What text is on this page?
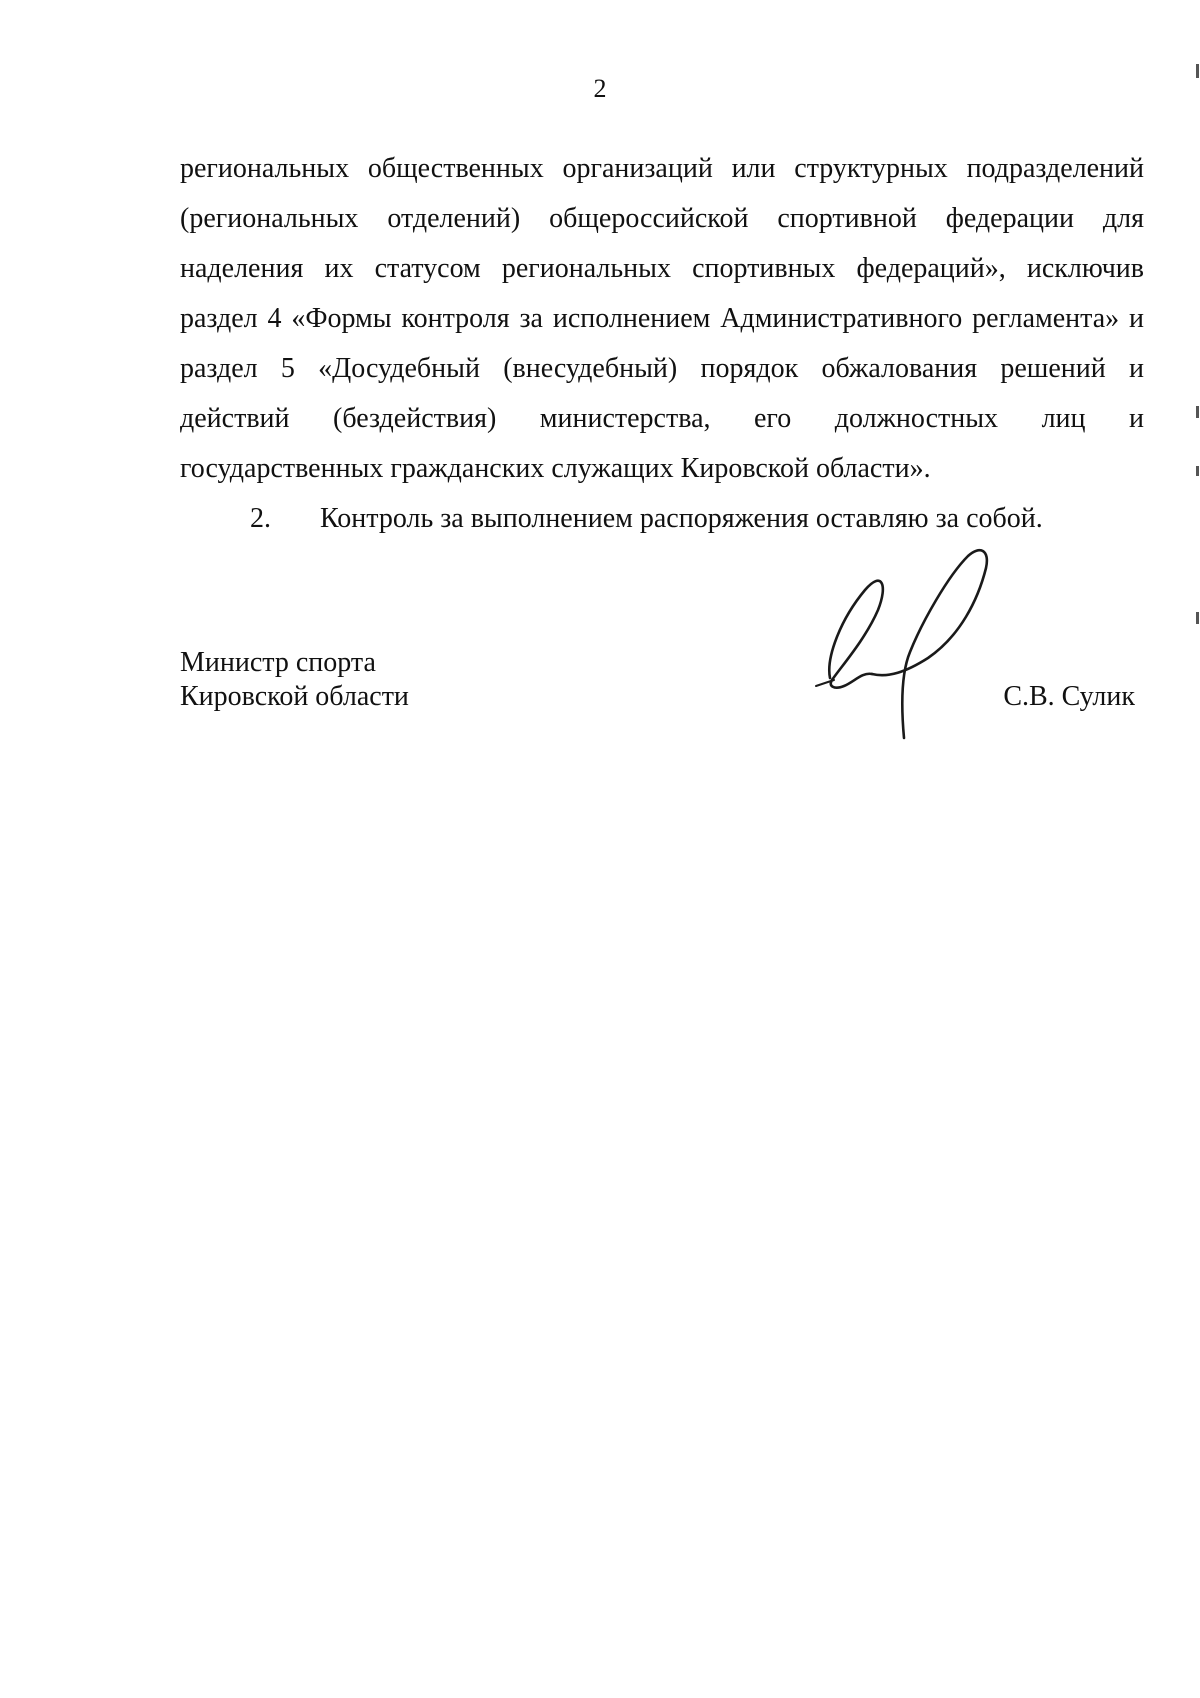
2
региональных общественных организаций или структурных подразделений
(региональных отделений) общероссийской спортивной федерации для
наделения их статусом региональных спортивных федераций», исключив
раздел 4 «Формы контроля за исполнением Административного регламента» и
раздел 5 «Досудебный (внесудебный) порядок обжалования решений и
действий (бездействия) министерства, его должностных лиц и
государственных гражданских служащих Кировской области».
2.	Контроль за выполнением распоряжения оставляю за собой.
Министр спорта
Кировской области	С.В. Сулик
